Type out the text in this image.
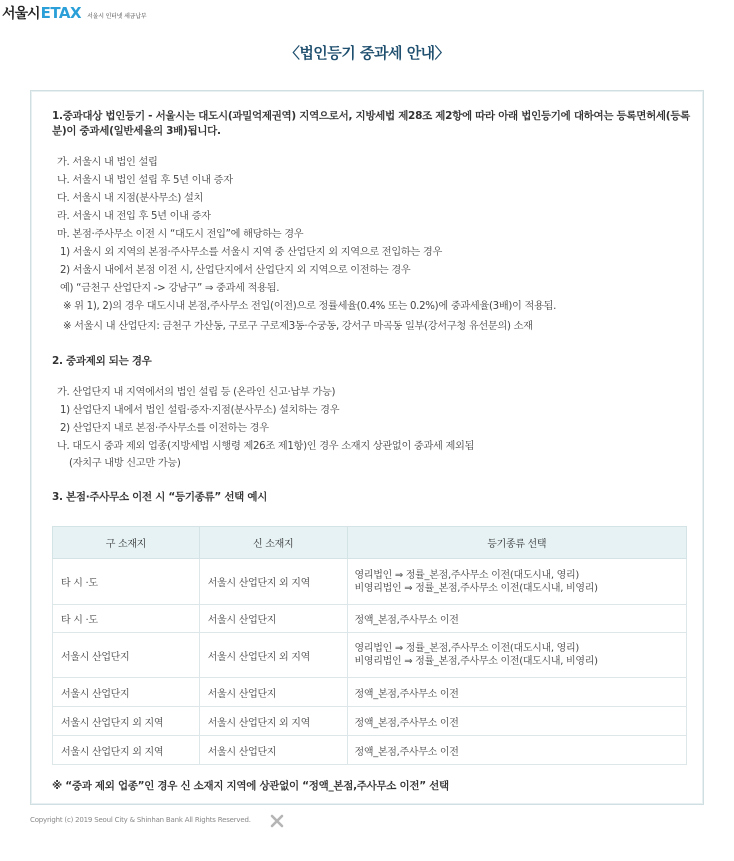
서울시 ETAX 서울시 인터넷 세금납부
〈법인등기 중과세 안내〉
1.중과대상 법인등기 - 서울시는 대도시(과밀억제권역) 지역으로서, 지방세법 제28조 제2항에 따라 아래 법인등기에 대하여는 등록면허세(등록분)이 중과세(일반세율의 3배)됩니다.
가. 서울시 내 법인 설립
나. 서울시 내 법인 설립 후 5년 이내 증자
다. 서울시 내 지점(분사무소) 설치
라. 서울시 내 전입 후 5년 이내 증자
마. 본점·주사무소 이전 시 “대도시 전입”에 해당하는 경우
1) 서울시 외 지역의 본점·주사무소를 서울시 지역 중 산업단지 외 지역으로 전입하는 경우
2) 서울시 내에서 본점 이전 시, 산업단지에서 산업단지 외 지역으로 이전하는 경우
예) “금천구 산업단지 -> 강남구” ⇒ 중과세 적용됨.
※ 위 1), 2)의 경우 대도시내 본점,주사무소 전입(이전)으로 정률세율(0.4% 또는 0.2%)에 중과세율(3배)이 적용됨.
※ 서울시 내 산업단지: 금천구 가산동, 구로구 구로제3동·수궁동, 강서구 마곡동 일부(강서구청 유선문의) 소재
2. 중과제외 되는 경우
가. 산업단지 내 지역에서의 법인 설립 등 (온라인 신고·납부 가능)
1) 산업단지 내에서 법인 설립·증자·지점(분사무소) 설치하는 경우
2) 산업단지 내로 본점·주사무소를 이전하는 경우
나. 대도시 중과 제외 업종(지방세법 시행령 제26조 제1항)인 경우 소재지 상관없이 중과세 제외됨
(자치구 내방 신고만 가능)
3. 본점·주사무소 이전 시 “등기종류” 선택 예시
구 소재지	신 소재지	등기종류 선택
타 시 ·도	서울시 산업단지 외 지역	영리법인 ⇒ 정률_본점,주사무소 이전(대도시내, 영리)
비영리법인 ⇒ 정률_본점,주사무소 이전(대도시내, 비영리)

타 시 ·도	서울시 산업단지	정액_본점,주사무소 이전
서울시 산업단지	서울시 산업단지 외 지역	영리법인 ⇒ 정률_본점,주사무소 이전(대도시내, 영리)
비영리법인 ⇒ 정률_본점,주사무소 이전(대도시내, 비영리)

서울시 산업단지	서울시 산업단지	정액_본점,주사무소 이전
서울시 산업단지 외 지역	서울시 산업단지 외 지역	정액_본점,주사무소 이전
서울시 산업단지 외 지역	서울시 산업단지	정액_본점,주사무소 이전
※ “중과 제외 업종”인 경우 신 소재지 지역에 상관없이 “정액_본점,주사무소 이전” 선택
Copyright (c) 2019 Seoul City & Shinhan Bank All Rights Reserved.
